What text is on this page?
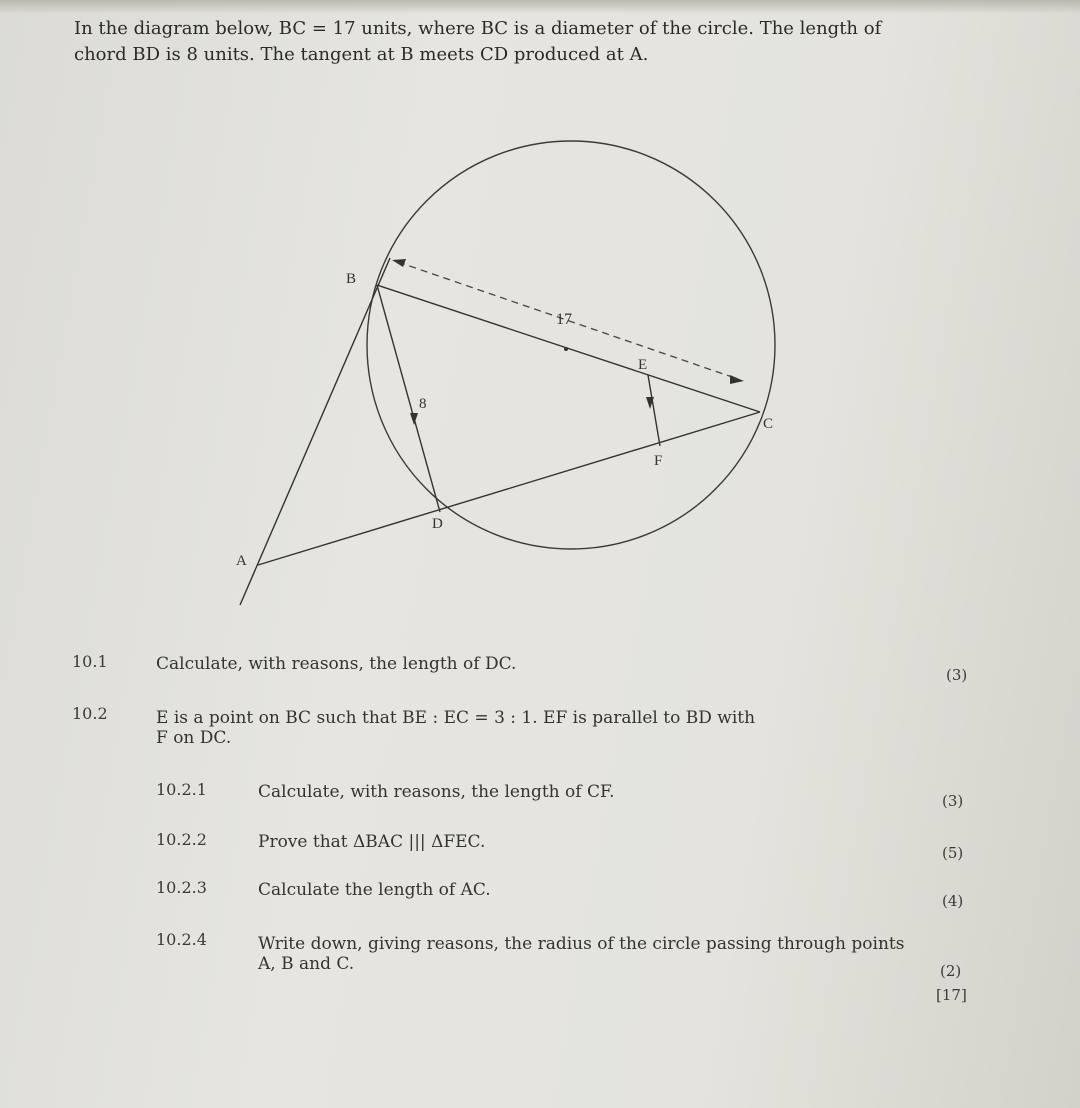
In the diagram below, BC = 17 units, where BC is a diameter of the circle. The length of

chord BD is 8 units. The tangent at B meets CD produced at A.

B
C
D
A
E
F
17
8
10.1	Calculate, with reasons, the length of DC.
(3)
10.2	E is a point on BC such that BE : EC = 3 : 1. EF is parallel to BD with
F on DC.
10.2.1	Calculate, with reasons, the length of CF.	(3)
10.2.2	Prove that ΔBAC ||| ΔFEC.
(5)
10.2.3	Calculate the length of AC.
(4)
10.2.4	Write down, giving reasons, the radius of the circle passing through points
A, B and C.	(2)
[17]
